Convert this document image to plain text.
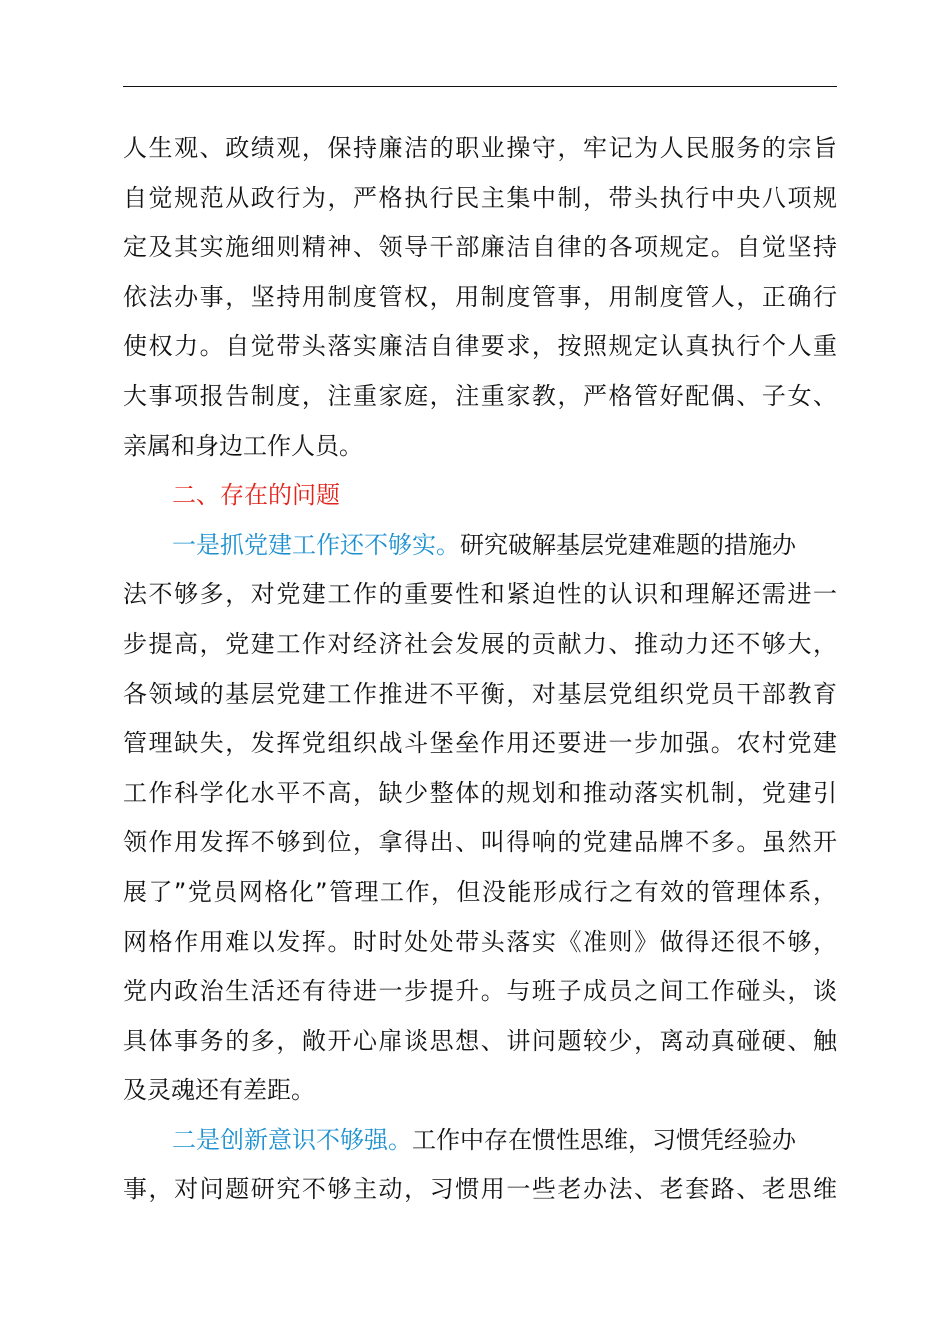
人生观、政绩观，保持廉洁的职业操守，牢记为人民服务的宗旨
自觉规范从政行为，严格执行民主集中制，带头执行中央八项规
定及其实施细则精神、领导干部廉洁自律的各项规定。自觉坚持
依法办事，坚持用制度管权，用制度管事，用制度管人，正确行
使权力。自觉带头落实廉洁自律要求，按照规定认真执行个人重
大事项报告制度，注重家庭，注重家教，严格管好配偶、子女、
亲属和身边工作人员。
二、存在的问题
一是抓党建工作还不够实。研究破解基层党建难题的措施办
法不够多，对党建工作的重要性和紧迫性的认识和理解还需进一
步提高，党建工作对经济社会发展的贡献力、推动力还不够大，
各领域的基层党建工作推进不平衡，对基层党组织党员干部教育
管理缺失，发挥党组织战斗堡垒作用还要进一步加强。农村党建
工作科学化水平不高，缺少整体的规划和推动落实机制，党建引
领作用发挥不够到位，拿得出、叫得响的党建品牌不多。虽然开
展了”党员网格化”管理工作，但没能形成行之有效的管理体系，
网格作用难以发挥。时时处处带头落实《准则》做得还很不够，
党内政治生活还有待进一步提升。与班子成员之间工作碰头，谈
具体事务的多，敞开心扉谈思想、讲问题较少，离动真碰硬、触
及灵魂还有差距。
二是创新意识不够强。工作中存在惯性思维，习惯凭经验办
事，对问题研究不够主动，习惯用一些老办法、老套路、老思维
